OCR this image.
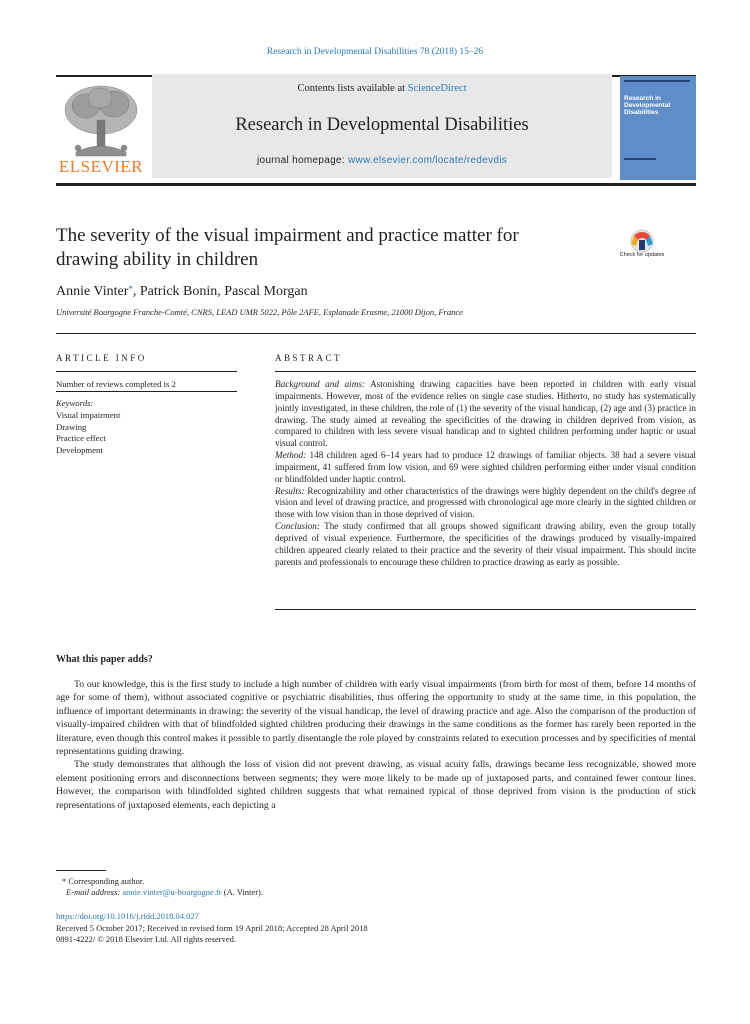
Research in Developmental Disabilities 78 (2018) 15–26
Contents lists available at ScienceDirect
Research in Developmental Disabilities
journal homepage: www.elsevier.com/locate/redevdis
ELSEVIER
Research in Developmental Disabilities
The severity of the visual impairment and practice matter for
drawing ability in children	Check for updates
Annie Vinter*, Patrick Bonin, Pascal Morgan
Université Bourgogne Franche-Comté, CNRS, LEAD UMR 5022, Pôle 2AFE, Esplanade Erasme, 21000 Dijon, France
ARTICLE INFO
Number of reviews completed is 2
Keywords:
Visual impairment
Drawing
Practice effect
Development
ABSTRACT
Background and aims: Astonishing drawing capacities have been reported in children with early visual impairments. However, most of the evidence relies on single case studies. Hitherto, no study has systematically jointly investigated, in these children, the role of (1) the severity of the visual handicap, (2) age and (3) practice in drawing. The study aimed at revealing the specificities of the drawing in children deprived from vision, as compared to children with less severe visual handicap and to sighted children performing under haptic or usual visual control.
Method: 148 children aged 6–14 years had to produce 12 drawings of familiar objects. 38 had a severe visual impairment, 41 suffered from low vision, and 69 were sighted children performing either under visual condition or blindfolded under haptic control.
Results: Recognizability and other characteristics of the drawings were highly dependent on the child's degree of vision and level of drawing practice, and progressed with chronological age more clearly in the sighted children or those with low vision than in those deprived of vision.
Conclusion: The study confirmed that all groups showed significant drawing ability, even the group totally deprived of visual experience. Furthermore, the specificities of the drawings produced by visually-impaired children appeared clearly related to their practice and the severity of their visual impairment. This should incite parents and professionals to encourage these children to practice drawing as early as possible.
What this paper adds?

To our knowledge, this is the first study to include a high number of children with early visual impairments (from birth for most of them, before 14 months of age for some of them), without associated cognitive or psychiatric disabilities, thus offering the opportunity to study at the same time, in this population, the influence of important determinants in drawing: the severity of the visual handicap, the level of drawing practice and age. Also the comparison of the production of visually-impaired children with that of blindfolded sighted children producing their drawings in the same conditions as the former has rarely been reported in the literature, even though this control makes it possible to partly disentangle the role played by constraints related to execution processes and by specificities of mental representations guiding drawing.

The study demonstrates that although the loss of vision did not prevent drawing, as visual acuity falls, drawings became less recognizable, showed more element positioning errors and disconnections between segments; they were more likely to be made up of juxtaposed parts, and contained fewer contour lines. However, the comparison with blindfolded sighted children suggests that what remained typical of those deprived from vision is the production of stick representations of juxtaposed elements, each depicting a

* Corresponding author.
E-mail address: annie.vinter@u-bourgogne.fr (A. Vinter).
https://doi.org/10.1016/j.ridd.2018.04.027
Received 5 October 2017; Received in revised form 19 April 2018; Accepted 28 April 2018
0891-4222/ © 2018 Elsevier Ltd. All rights reserved.
